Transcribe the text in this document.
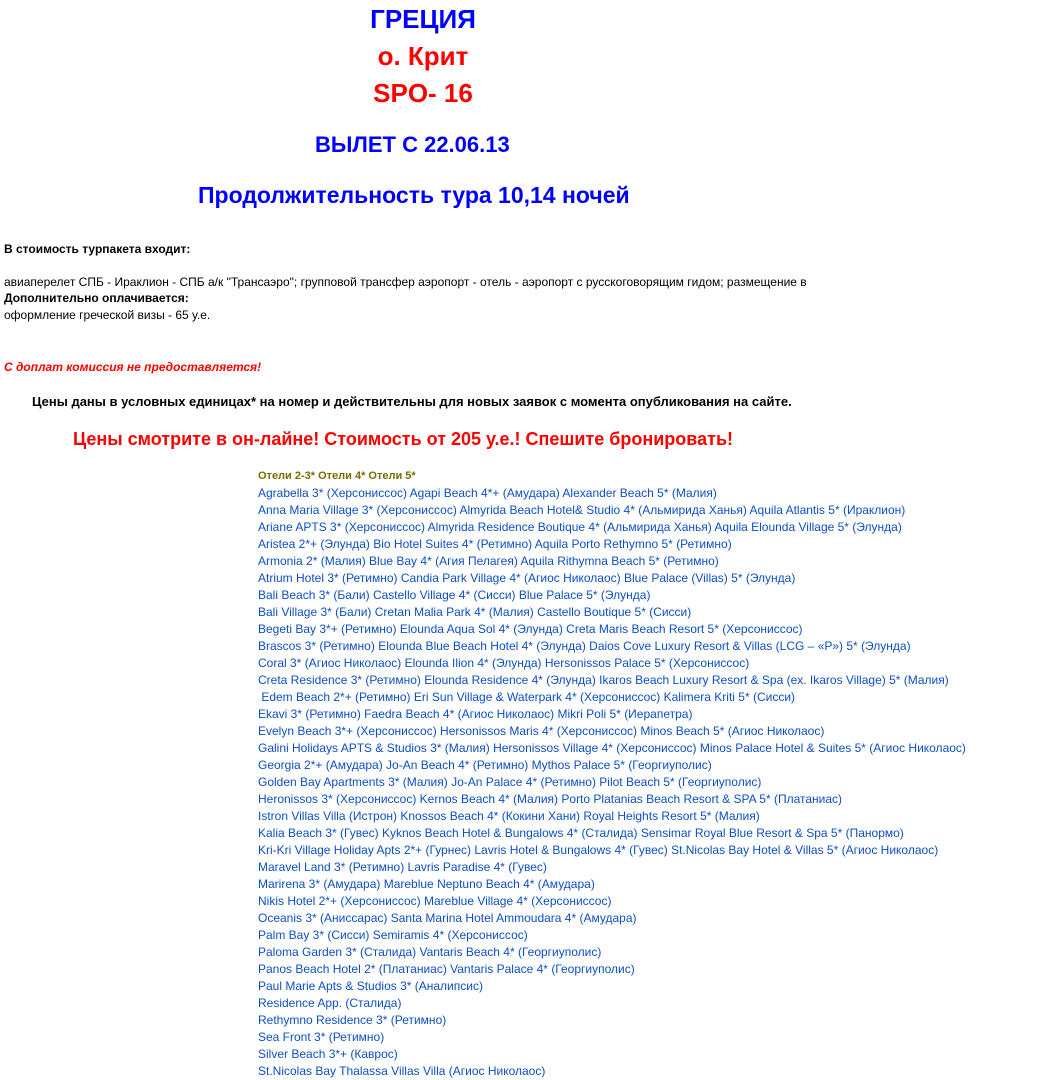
ГРЕЦИЯ
о. Крит
SPO- 16
ВЫЛЕТ С 22.06.13
Продолжительность тура 10,14 ночей
В стоимость турпакета входит:
авиаперелет СПБ - Ираклион - СПБ а/к "Трансаэро"; групповой трансфер аэропорт - отель - аэропорт с русскоговорящим гидом; размещение в
Дополнительно оплачивается:
оформление греческой визы - 65 у.е.
С доплат комиссия не предоставляется!
Цены даны в условных единицах* на номер и действительны для новых заявок с момента опубликования на сайте.
Цены смотрите в он-лайне! Стоимость от 205 у.е.! Спешите бронировать!
Отели 2-3* Отели 4* Отели 5*
Agrabella 3* (Херсониссос) Agapi Beach 4*+ (Амудара) Alexander Beach 5* (Малия)
Anna Maria Village 3* (Херсониссос) Almyrida Beach Hotel& Studio 4* (Альмирида Ханья) Aquila Atlantis 5* (Ираклион)
Ariane APTS 3* (Херсониссос) Almyrida Residence Boutique 4* (Альмирида Ханья) Aquila Elounda Village 5* (Элунда)
Aristea 2*+ (Элунда) Bio Hotel Suites 4* (Ретимно) Aquila Porto Rethymno 5* (Ретимно)
Armonia 2* (Малия) Blue Bay 4* (Агия Пелагея) Aquila Rithymna Beach 5* (Ретимно)
Atrium Hotel 3* (Ретимно) Candia Park Village 4* (Агиос Николаос) Blue Palace (Villas) 5* (Элунда)
Bali Beach 3* (Бали) Castello Village 4* (Сисси) Blue Palace 5* (Элунда)
Bali Village 3* (Бали) Cretan Malia Park 4* (Малия) Castello Boutique 5* (Сисси)
Begeti Bay 3*+ (Ретимно) Elounda Aqua Sol 4* (Элунда) Creta Maris Beach Resort 5* (Херсониссос)
Brascos 3* (Ретимно) Elounda Blue Beach Hotel 4* (Элунда) Daios Cove Luxury Resort & Villas (LCG – «P») 5* (Элунда)
Coral 3* (Агиос Николаос) Elounda Ilion 4* (Элунда) Hersonissos Palace 5* (Херсониссос)
Creta Residence 3* (Ретимно) Elounda Residence 4* (Элунда) Ikaros Beach Luxury Resort & Spa (ex. Ikaros Village) 5* (Малия)
Edem Beach 2*+ (Ретимно) Eri Sun Village & Waterpark 4* (Херсониссос) Kalimera Kriti 5* (Сисси)
Ekavi 3* (Ретимно) Faedra Beach 4* (Агиос Николаос) Mikri Poli 5* (Иерапетра)
Evelyn Beach 3*+ (Херсониссос) Hersonissos Maris 4* (Херсониссос) Minos Beach 5* (Агиос Николаос)
Galini Holidays APTS & Studios 3* (Малия) Hersonissos Village 4* (Херсониссос) Minos Palace Hotel & Suites 5* (Агиос Николаос)
Georgia 2*+ (Амудара) Jo-An Beach 4* (Ретимно) Mythos Palace 5* (Георгиуполис)
Golden Bay Apartments 3* (Малия) Jo-An Palace 4* (Ретимно) Pilot Beach 5* (Георгиуполис)
Heronissos 3* (Херсониссос) Kernos Beach 4* (Малия) Porto Platanias Beach Resort & SPA 5* (Платаниас)
Istron Villas Villa (Истрон) Knossos Beach 4* (Кокини Хани) Royal Heights Resort 5* (Малия)
Kalia Beach 3* (Гувес) Kyknos Beach Hotel & Bungalows 4* (Сталида) Sensimar Royal Blue Resort & Spa 5* (Панормо)
Kri-Kri Village Holiday Apts 2*+ (Гурнес) Lavris Hotel & Bungalows 4* (Гувес) St.Nicolas Bay Hotel & Villas 5* (Агиос Николаос)
Maravel Land 3* (Ретимно) Lavris Paradise 4* (Гувес)
Marirena 3* (Амудара) Mareblue Neptuno Beach 4* (Амудара)
Nikis Hotel 2*+ (Херсониссос) Mareblue Village 4* (Херсониссос)
Oceanis 3* (Аниссарас) Santa Marina Hotel Ammoudara 4* (Амудара)
Palm Bay 3* (Сисси) Semiramis 4* (Херсониссос)
Paloma Garden 3* (Сталида) Vantaris Beach 4* (Георгиуполис)
Panos Beach Hotel 2* (Платаниас) Vantaris Palace 4* (Георгиуполис)
Paul Marie Apts & Studios 3* (Аналипсис)
Residence App. (Сталида)
Rethymno Residence 3* (Ретимно)
Sea Front 3* (Ретимно)
Silver Beach 3*+ (Каврос)
St.Nicolas Bay Thalassa Villas Villa (Агиос Николаос)
